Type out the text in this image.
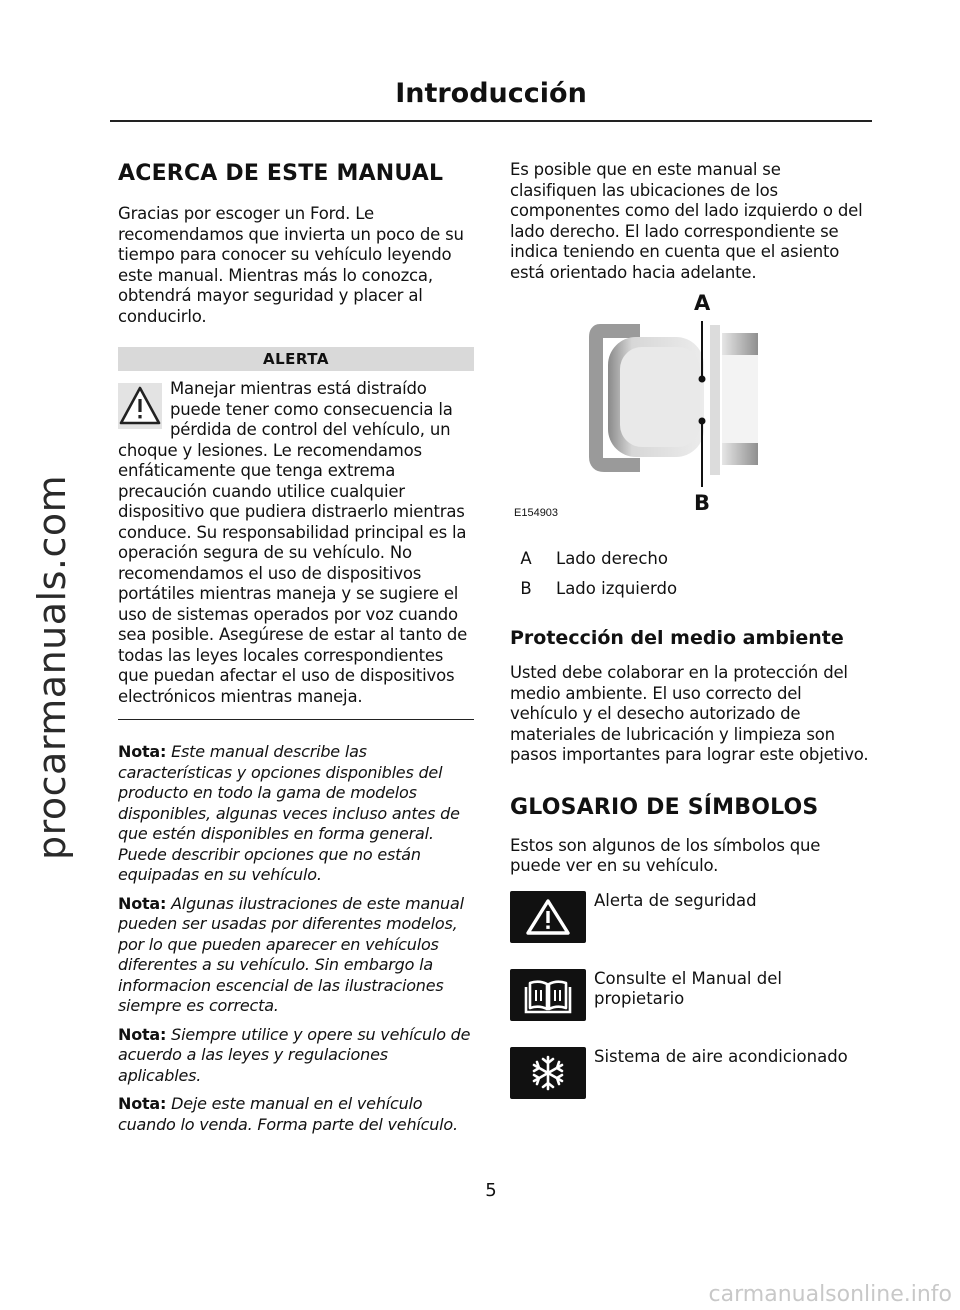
procarmanuals.com
carmanualsonline.info
Introducción
ACERCA DE ESTE MANUAL

Gracias por escoger un Ford. Le recomendamos que invierta un poco de su tiempo para conocer su vehículo leyendo este manual. Mientras más lo conozca, obtendrá mayor seguridad y placer al conducirlo.

ALERTA

Manejar mientras está distraído puede tener como consecuencia la pérdida de control del vehículo, un choque y lesiones. Le recomendamos enfáticamente que tenga extrema precaución cuando utilice cualquier dispositivo que pudiera distraerlo mientras conduce. Su responsabilidad principal es la operación segura de su vehículo. No recomendamos el uso de dispositivos portátiles mientras maneja y se sugiere el uso de sistemas operados por voz cuando sea posible. Asegúrese de estar al tanto de todas las leyes locales correspondientes que puedan afectar el uso de dispositivos electrónicos mientras maneja.

Nota: Este manual describe las características y opciones disponibles del producto en todo la gama de modelos disponibles, algunas veces incluso antes de que estén disponibles en forma general. Puede describir opciones que no están equipadas en su vehículo.

Nota: Algunas ilustraciones de este manual pueden ser usadas por diferentes modelos, por lo que pueden aparecer en vehículos diferentes a su vehículo. Sin embargo la informacion escencial de las ilustraciones siempre es correcta.

Nota: Siempre utilice y opere su vehículo de acuerdo a las leyes y regulaciones aplicables.

Nota: Deje este manual en el vehículo cuando lo venda. Forma parte del vehículo.

Es posible que en este manual se clasifiquen las ubicaciones de los componentes como del lado izquierdo o del lado derecho. El lado correspondiente se indica teniendo en cuenta que el asiento está orientado hacia adelante.

A
B
E154903
A	Lado derecho
B	Lado izquierdo
Protección del medio ambiente

Usted debe colaborar en la protección del medio ambiente. El uso correcto del vehículo y el desecho autorizado de materiales de lubricación y limpieza son pasos importantes para lograr este objetivo.

GLOSARIO DE SÍMBOLOS

Estos son algunos de los símbolos que puede ver en su vehículo.

Alerta de seguridad
Consulte el Manual del propietario
Sistema de aire acondicionado
5
